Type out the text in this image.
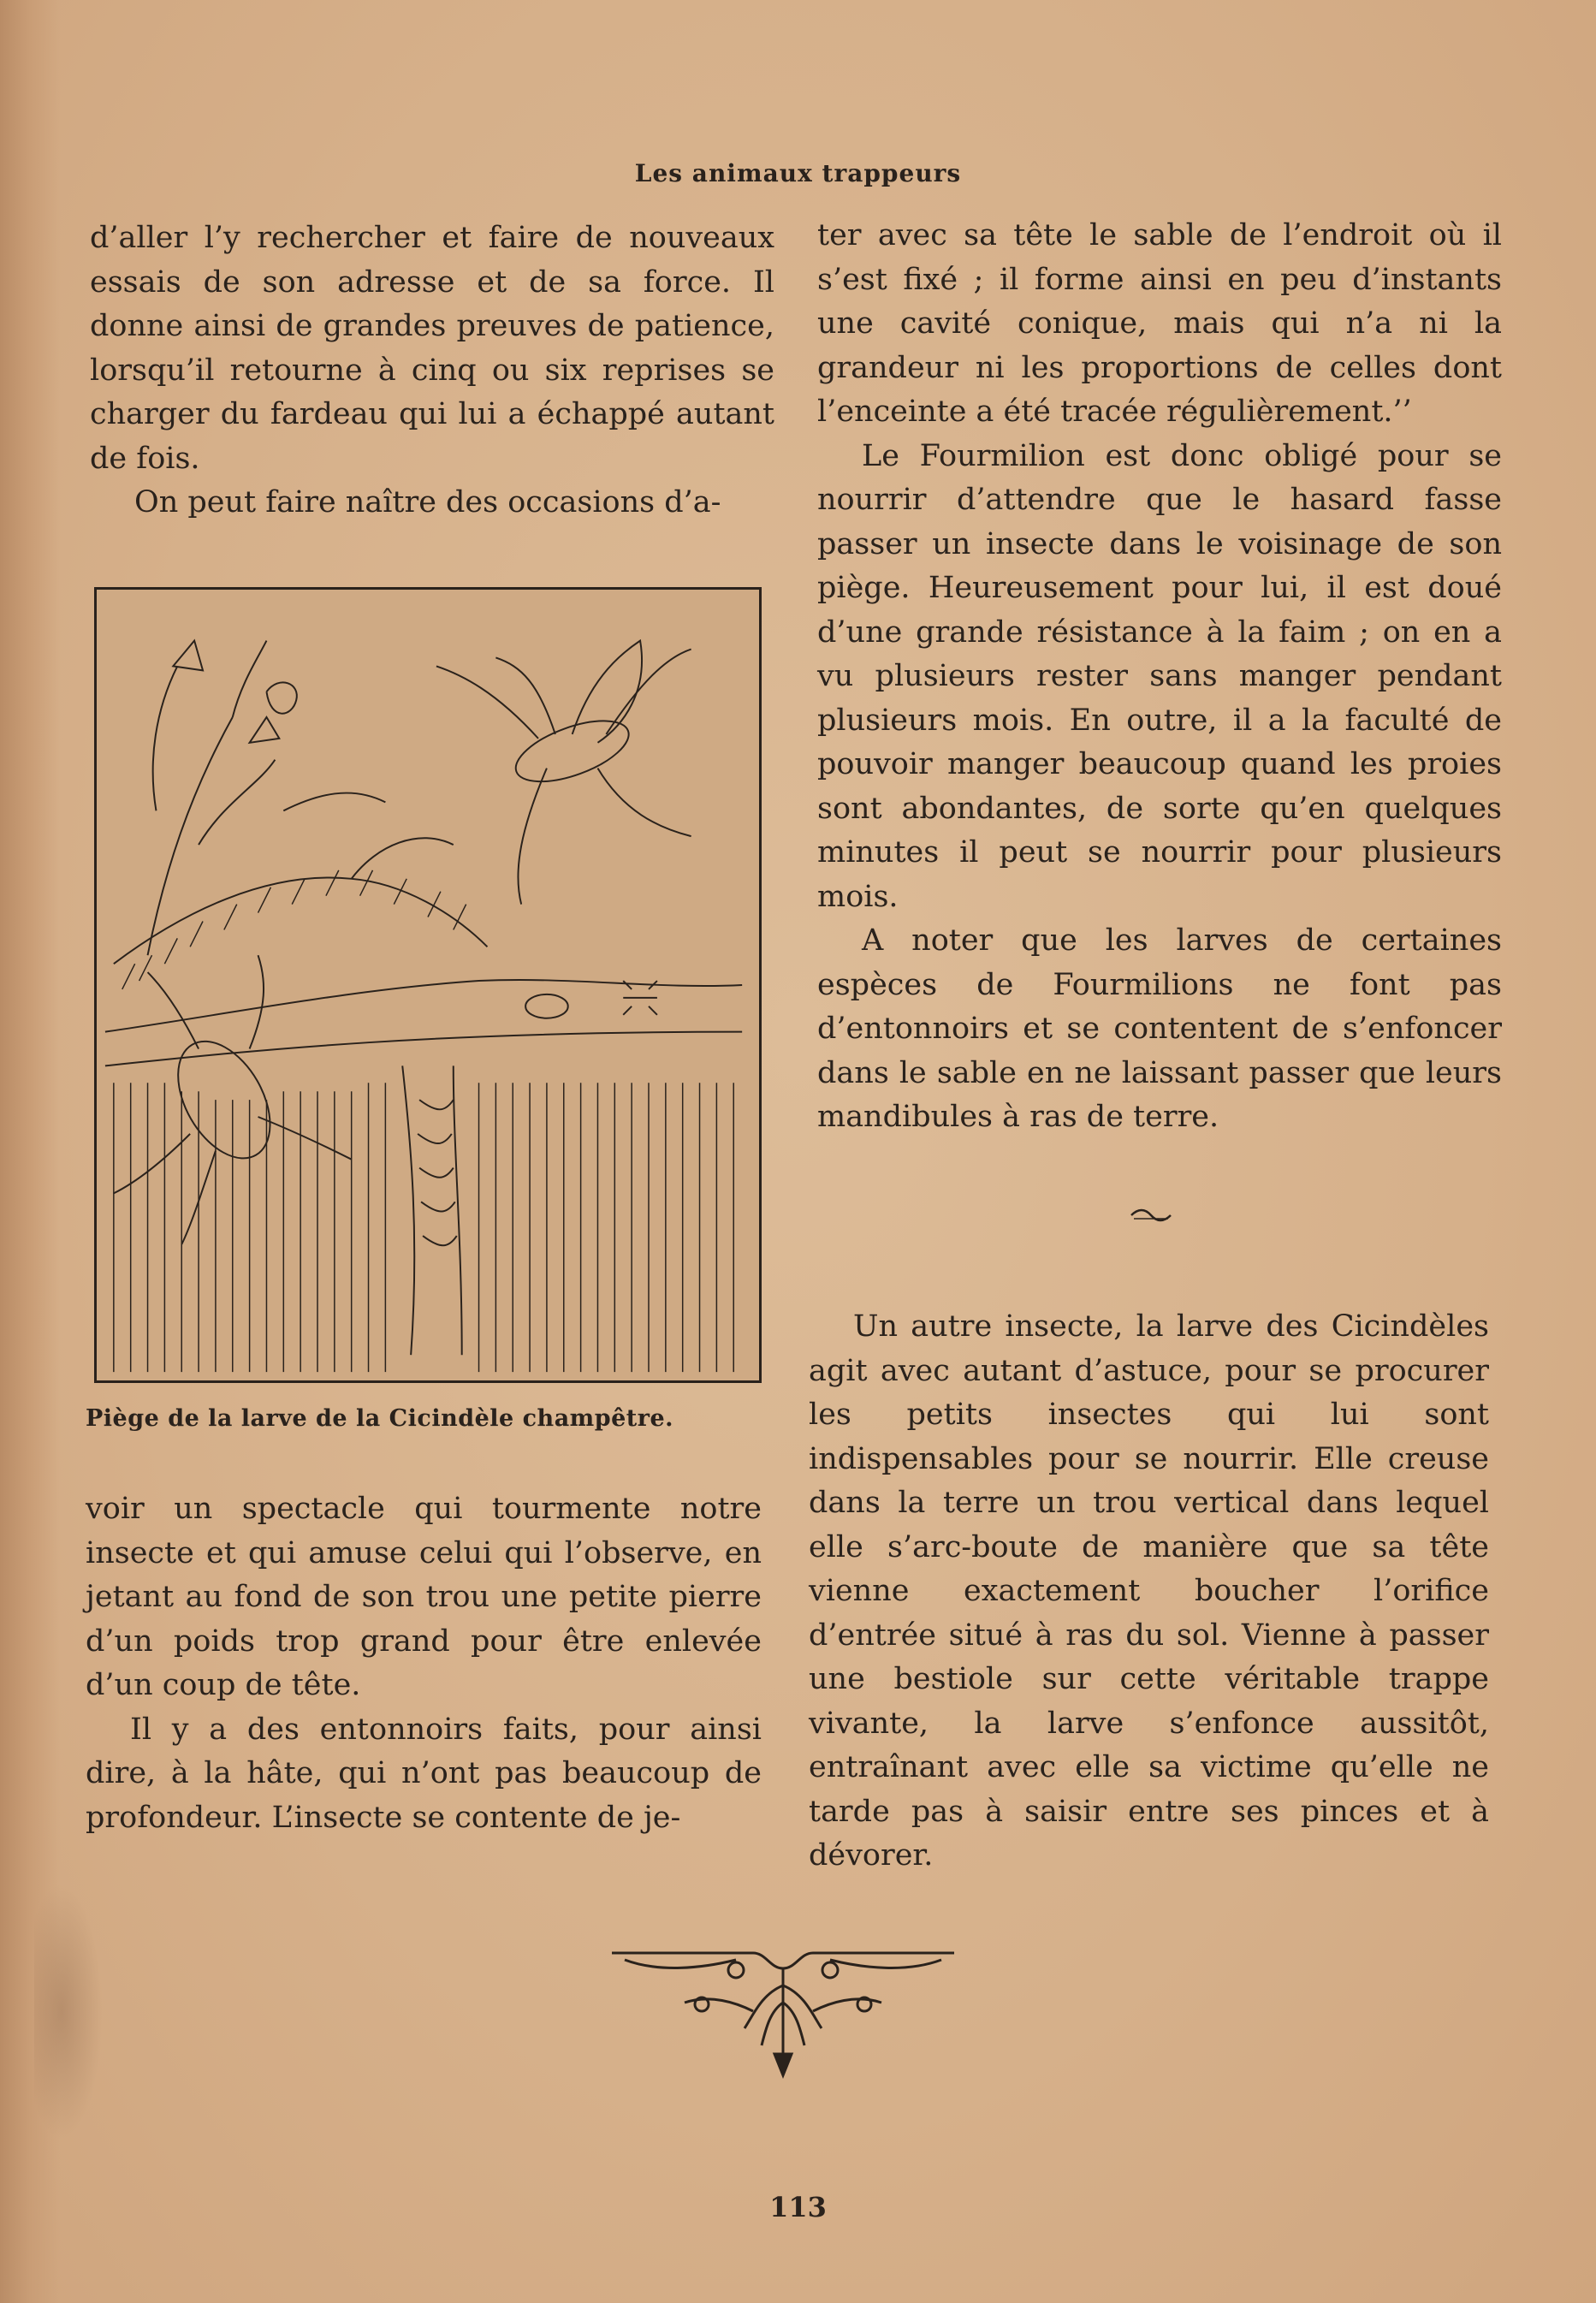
Les animaux trappeurs

d’aller l’y rechercher et faire de nouveaux essais de son adresse et de sa force. Il donne ainsi de grandes preuves de patience, lorsqu’il retourne à cinq ou six reprises se charger du fardeau qui lui a échappé autant de fois.

On peut faire naître des occasions d’a-

Piège de la larve de la Cicindèle champêtre.

voir un spectacle qui tourmente notre insecte et qui amuse celui qui l’observe, en jetant au fond de son trou une petite pierre d’un poids trop grand pour être enlevée d’un coup de tête.

Il y a des entonnoirs faits, pour ainsi dire, à la hâte, qui n’ont pas beaucoup de profondeur. L’insecte se contente de je-

ter avec sa tête le sable de l’endroit où il s’est fixé ; il forme ainsi en peu d’instants une cavité conique, mais qui n’a ni la grandeur ni les proportions de celles dont l’enceinte a été tracée régulièrement.’’

Le Fourmilion est donc obligé pour se nourrir d’attendre que le hasard fasse passer un insecte dans le voisinage de son piège. Heureusement pour lui, il est doué d’une grande résistance à la faim ; on en a vu plusieurs rester sans manger pendant plusieurs mois. En outre, il a la faculté de pouvoir manger beaucoup quand les proies sont abondantes, de sorte qu’en quelques minutes il peut se nourrir pour plusieurs mois.

A noter que les larves de certaines espèces de Fourmilions ne font pas d’entonnoirs et se contentent de s’enfoncer dans le sable en ne laissant passer que leurs mandibules à ras de terre.

Un autre insecte, la larve des Cicindèles agit avec autant d’astuce, pour se procurer les petits insectes qui lui sont indispensables pour se nourrir. Elle creuse dans la terre un trou vertical dans lequel elle s’arc-boute de manière que sa tête vienne exactement boucher l’orifice d’entrée situé à ras du sol. Vienne à passer une bestiole sur cette véritable trappe vivante, la larve s’enfonce aussitôt, entraînant avec elle sa victime qu’elle ne tarde pas à saisir entre ses pinces et à dévorer.

113
